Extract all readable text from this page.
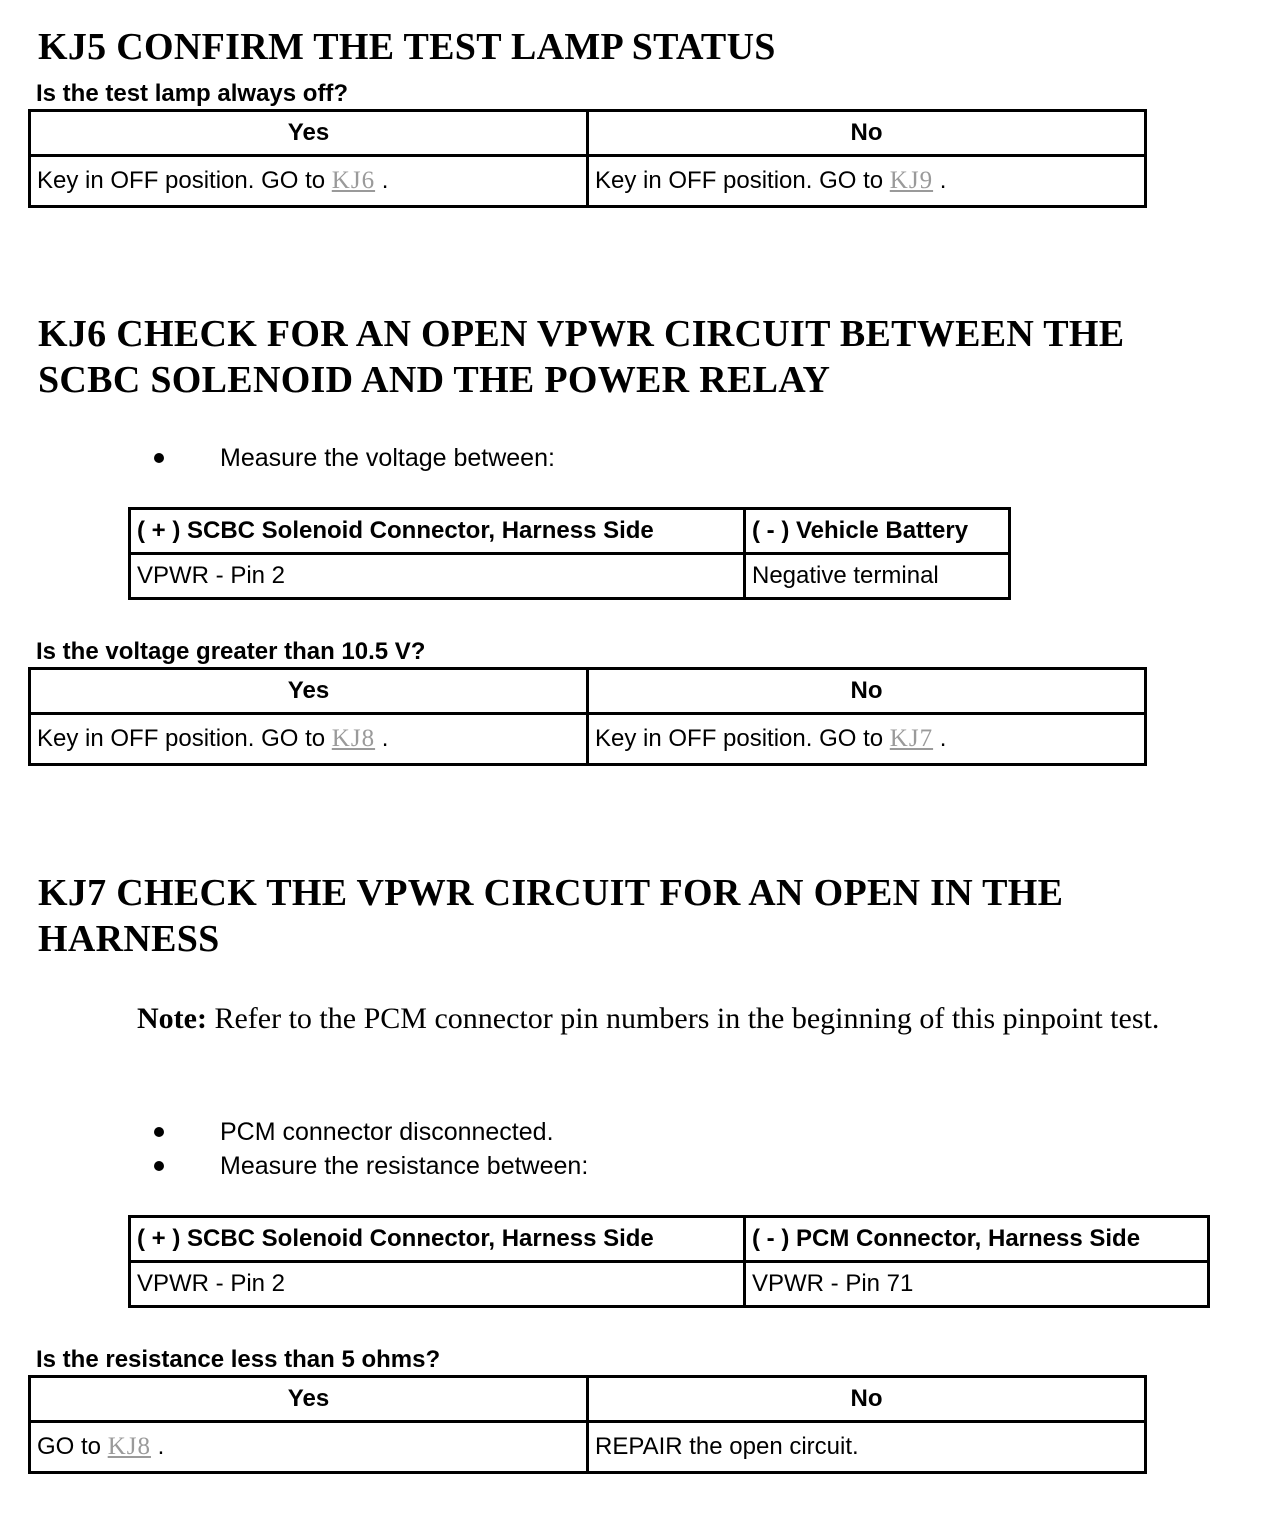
KJ5 CONFIRM THE TEST LAMP STATUS
Is the test lamp always off?
Yes	No
Key in OFF position. GO to KJ6 .	Key in OFF position. GO to KJ9 .
KJ6 CHECK FOR AN OPEN VPWR CIRCUIT BETWEEN THE
SCBC SOLENOID AND THE POWER RELAY
Measure the voltage between:
( + ) SCBC Solenoid Connector, Harness Side	( - ) Vehicle Battery
VPWR - Pin 2	Negative terminal
Is the voltage greater than 10.5 V?
Yes	No
Key in OFF position. GO to KJ8 .	Key in OFF position. GO to KJ7 .
KJ7 CHECK THE VPWR CIRCUIT FOR AN OPEN IN THE
HARNESS
Note: Refer to the PCM connector pin numbers in the beginning of this pinpoint test.
PCM connector disconnected.
Measure the resistance between:
( + ) SCBC Solenoid Connector, Harness Side	( - ) PCM Connector, Harness Side
VPWR - Pin 2	VPWR - Pin 71
Is the resistance less than 5 ohms?
Yes	No
GO to KJ8 .	REPAIR the open circuit.
